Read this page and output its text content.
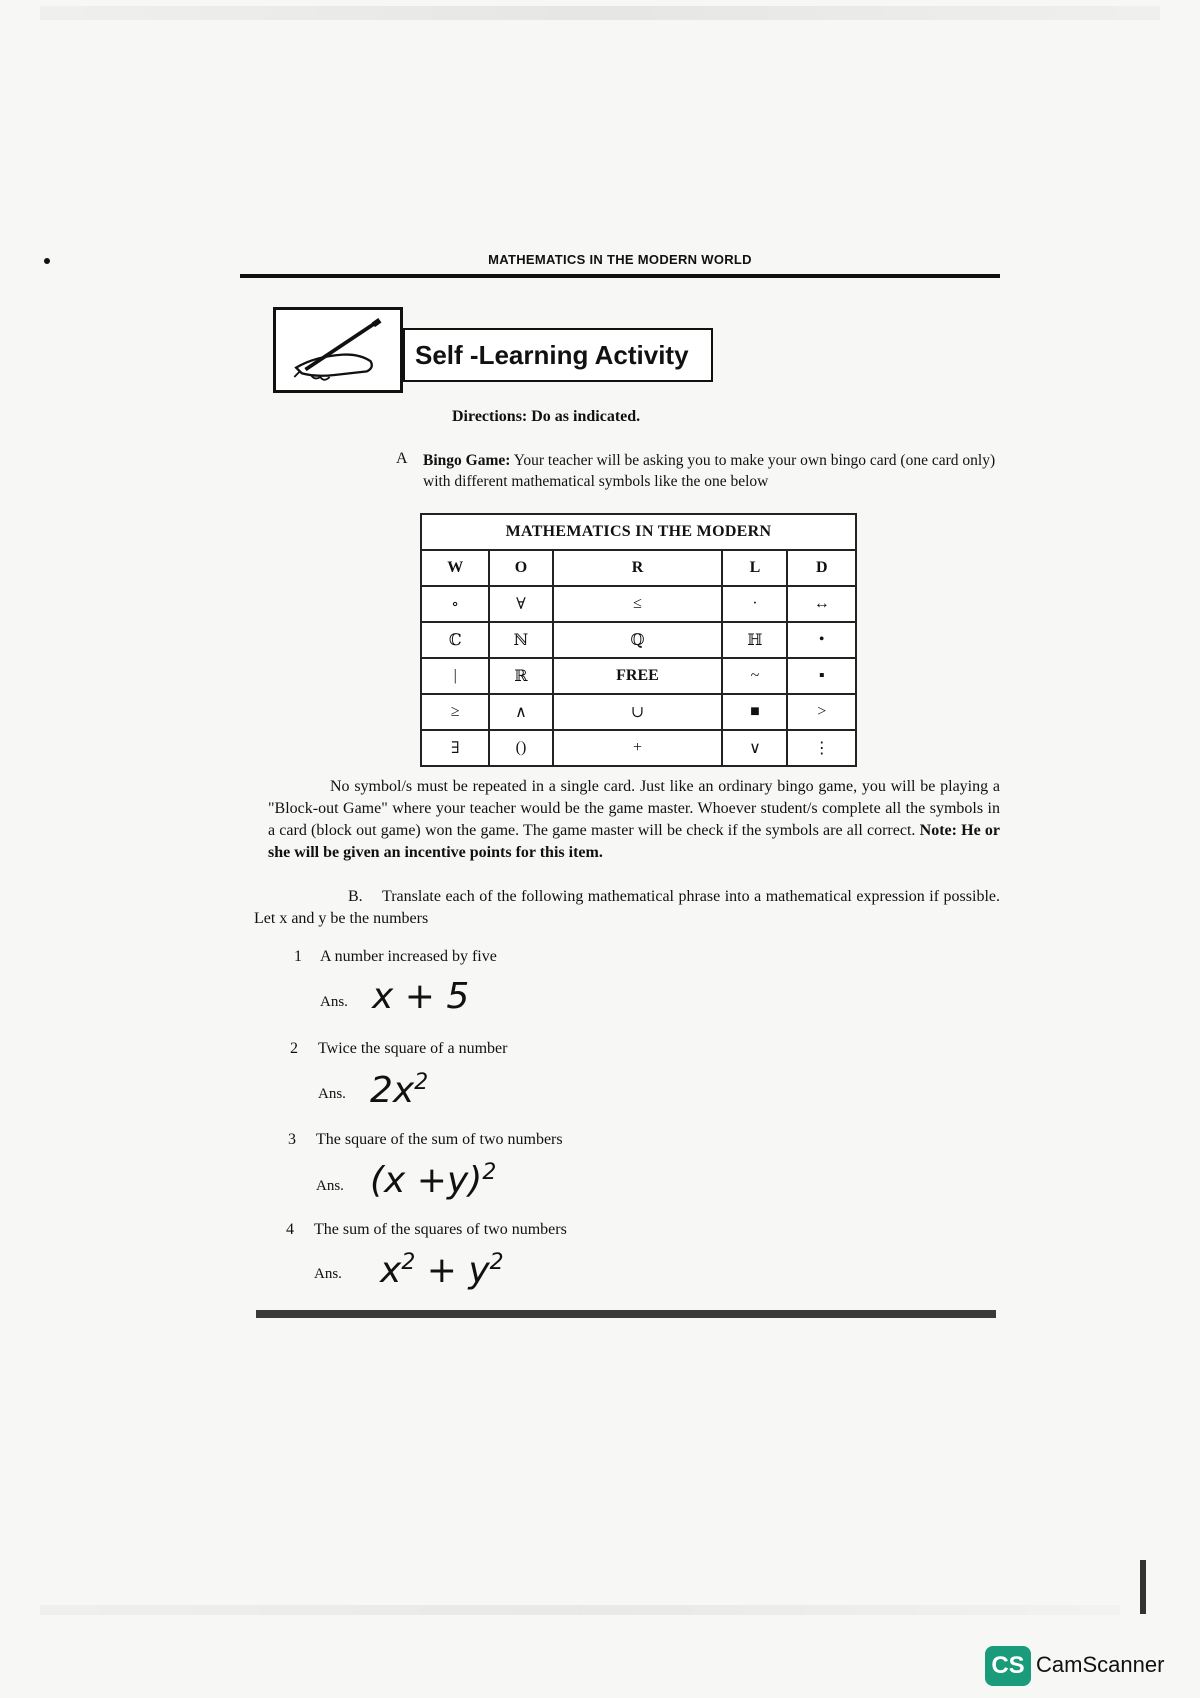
MATHEMATICS IN THE MODERN WORLD
Self -Learning Activity
Directions: Do as indicated.
A Bingo Game: Your teacher will be asking you to make your own bingo card (one card only) with different mathematical symbols like the one below
MATHEMATICS IN THE MODERN				
W	O	R	L	D
∘	∀	≤	·	↔
ℂ	ℕ	ℚ	ℍ	•
|	ℝ	FREE	~	▪
≥	∧	∪	■	>
∃	()	+	∨	⋮
No symbol/s must be repeated in a single card. Just like an ordinary bingo game, you will be playing a "Block-out Game" where your teacher would be the game master. Whoever student/s complete all the symbols in a card (block out game) won the game. The game master will be check if the symbols are all correct. Note: He or she will be given an incentive points for this item.
B. Translate each of the following mathematical phrase into a mathematical expression if possible. Let x and y be the numbers
1 A number increased by five
Ans. x + 5
2 Twice the square of a number
Ans. $2x^2$
3 The square of the sum of two numbers
Ans. $(x +y)^2$
4 The sum of the squares of two numbers
Ans. $x^2 + y^2$
CS CamScanner
